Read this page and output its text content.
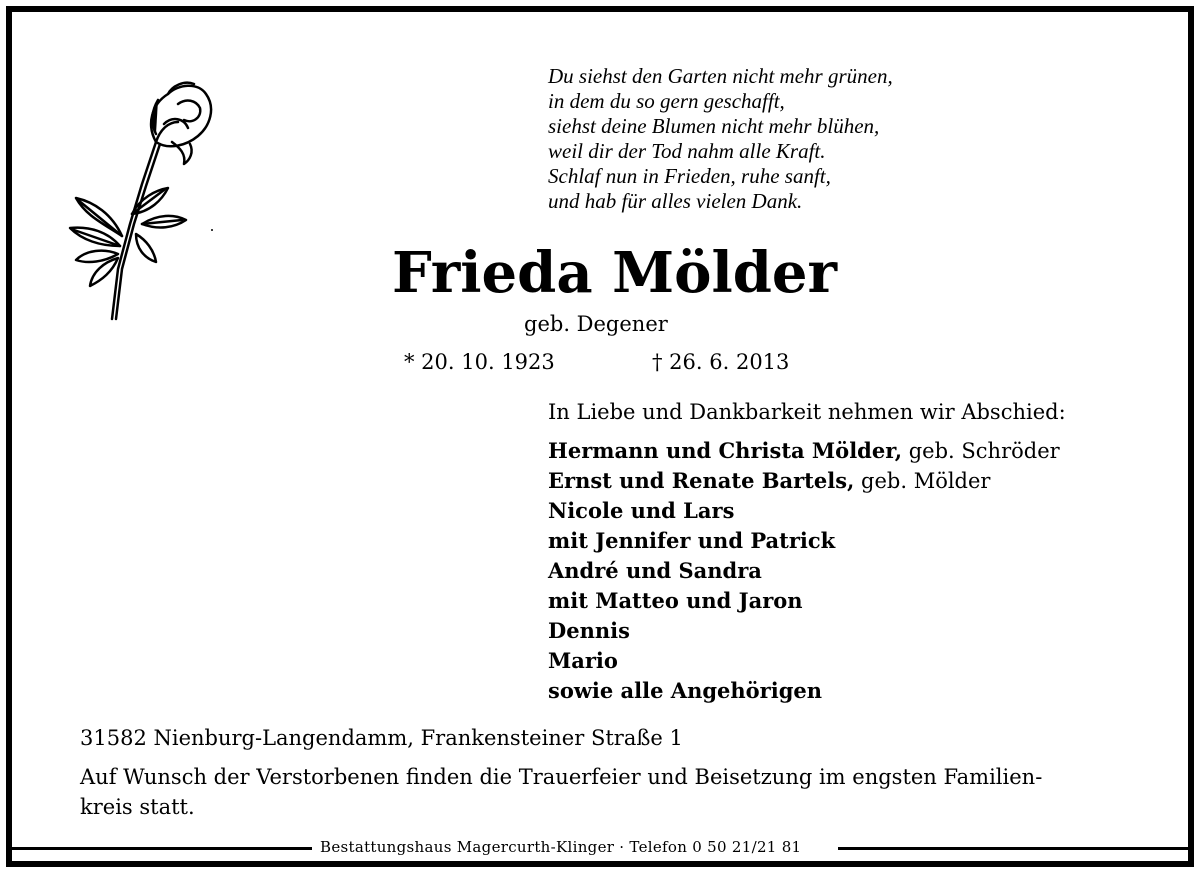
Du siehst den Garten nicht mehr grünen,
in dem du so gern geschafft,
siehst deine Blumen nicht mehr blühen,
weil dir der Tod nahm alle Kraft.
Schlaf nun in Frieden, ruhe sanft,
und hab für alles vielen Dank.
Frieda Mölder
geb. Degener
* 20. 10. 1923	† 26. 6. 2013
In Liebe und Dankbarkeit nehmen wir Abschied:
Hermann und Christa Mölder, geb. Schröder
Ernst und Renate Bartels, geb. Mölder
Nicole und Lars
mit Jennifer und Patrick
André und Sandra
mit Matteo und Jaron
Dennis
Mario
sowie alle Angehörigen
31582 Nienburg-Langendamm, Frankensteiner Straße 1
Auf Wunsch der Verstorbenen finden die Trauerfeier und Beisetzung im engsten Familien-
kreis statt.
Bestattungshaus Magercurth-Klinger · Telefon 0 50 21/21 81
